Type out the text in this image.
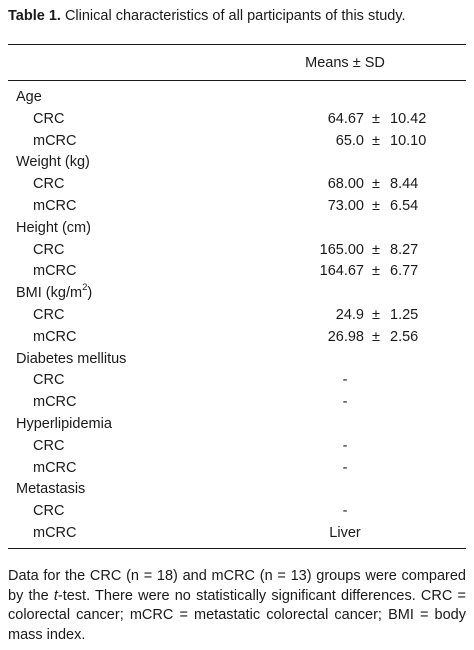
Table 1. Clinical characteristics of all participants of this study.
Means ± SD
Age
CRC	64.67 ± 10.42
mCRC	65.0 ± 10.10
Weight (kg)
CRC	68.00 ± 8.44
mCRC	73.00 ± 6.54
Height (cm)
CRC	165.00 ± 8.27
mCRC	164.67 ± 6.77
BMI $(kg/m^2)$
CRC	24.9 ± 1.25
mCRC	26.98 ± 2.56
Diabetes mellitus
CRC	-
mCRC	-
Hyperlipidemia
CRC	-
mCRC	-
Metastasis
CRC	-
mCRC	Liver
Data for the CRC (n = 18) and mCRC (n = 13) groups were compared by the t-test. There were no statistically significant differences. CRC = colorectal cancer; mCRC = metastatic colorectal cancer; BMI = body mass index.
